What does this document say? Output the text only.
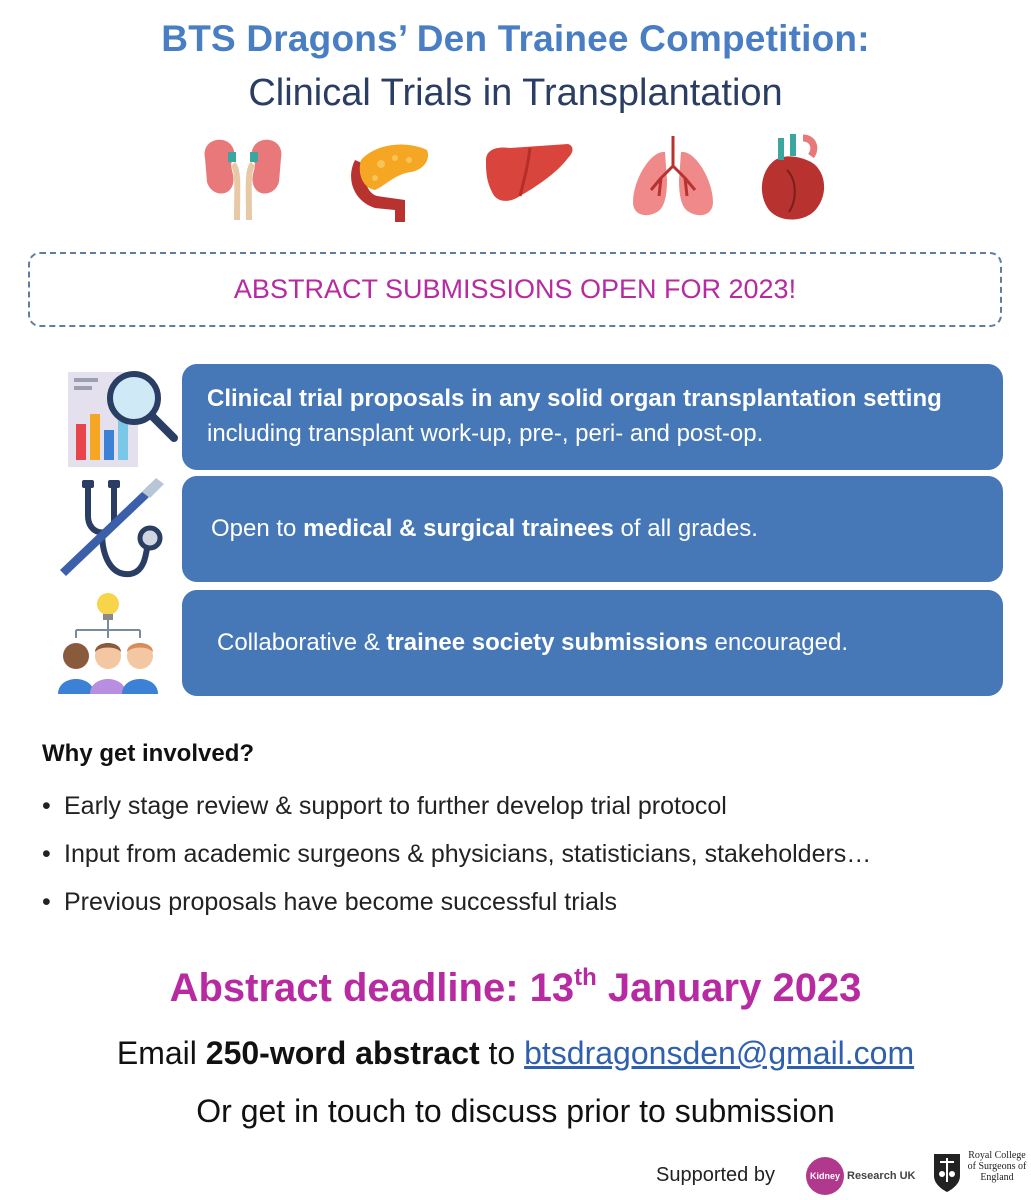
BTS Dragons’ Den Trainee Competition:
Clinical Trials in Transplantation
ABSTRACT SUBMISSIONS OPEN FOR 2023!
Clinical trial proposals in any solid organ transplantation setting including transplant work-up, pre-, peri- and post-op.
Open to medical & surgical trainees of all grades.
Collaborative & trainee society submissions encouraged.
Why get involved?
• Early stage review & support to further develop trial protocol
• Input from academic surgeons & physicians, statisticians, stakeholders…
• Previous proposals have become successful trials
Abstract deadline: 13th January 2023
Email 250-word abstract to btsdragonsden@gmail.com
Or get in touch to discuss prior to submission
Supported by	Kidney Research UK
Royal College of Surgeons of England
